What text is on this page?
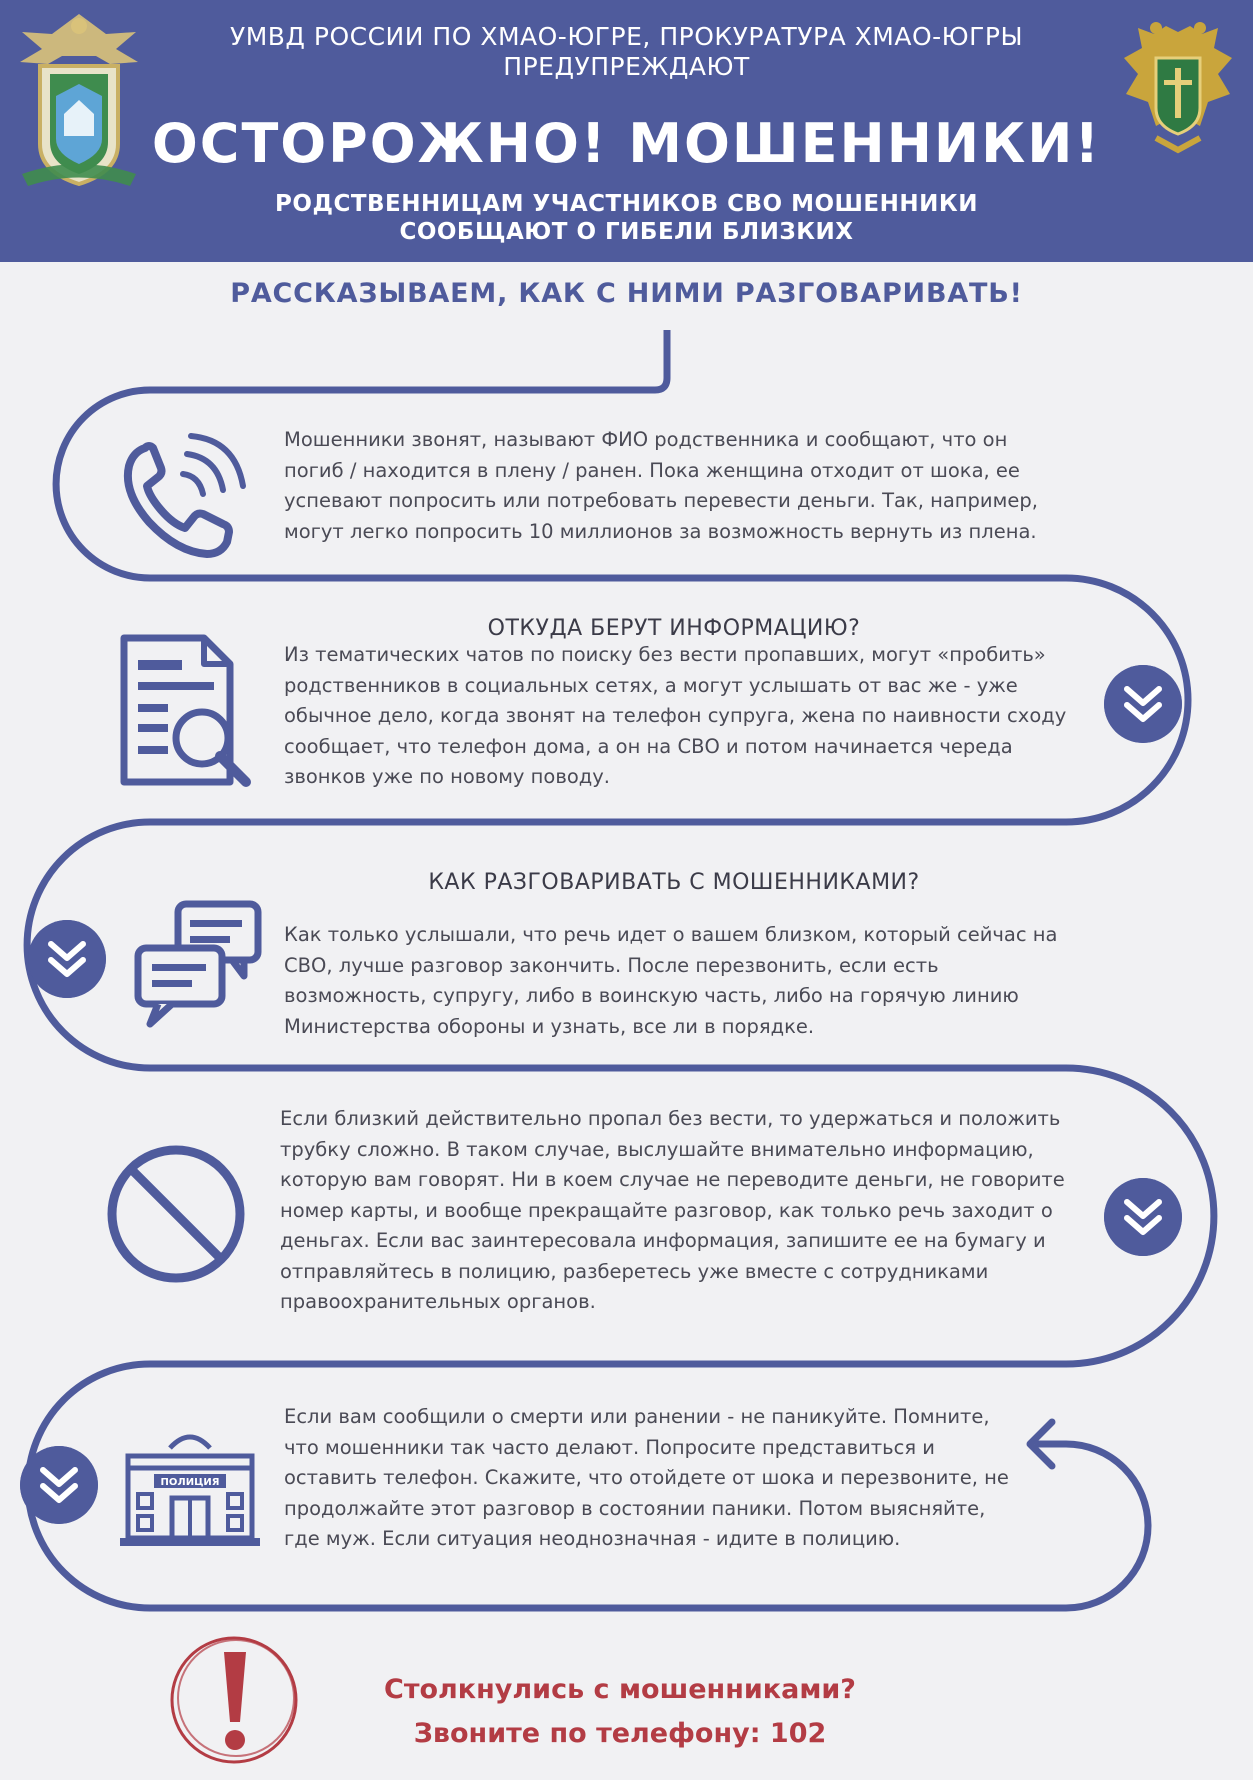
УМВД РОССИИ ПО ХМАО-ЮГРЕ, ПРОКУРАТУРА ХМАО-ЮГРЫ
ПРЕДУПРЕЖДАЮТ
ОСТОРОЖНО! МОШЕННИКИ!
РОДСТВЕННИЦАМ УЧАСТНИКОВ СВО МОШЕННИКИ
СООБЩАЮТ О ГИБЕЛИ БЛИЗКИХ
РАССКАЗЫВАЕМ, КАК С НИМИ РАЗГОВАРИВАТЬ!
Мошенники звонят, называют ФИО родственника и сообщают, что он погиб / находится в плену / ранен. Пока женщина отходит от шока, ее успевают попросить или потребовать перевести деньги. Так, например, могут легко попросить 10 миллионов за возможность вернуть из плена.
ОТКУДА БЕРУТ ИНФОРМАЦИЮ?
Из тематических чатов по поиску без вести пропавших, могут «пробить» родственников в социальных сетях, а могут услышать от вас же - уже обычное дело, когда звонят на телефон супруга, жена по наивности сходу сообщает, что телефон дома, а он на СВО и потом начинается череда звонков уже по новому поводу.
КАК РАЗГОВАРИВАТЬ С МОШЕННИКАМИ?
Как только услышали, что речь идет о вашем близком, который сейчас на СВО, лучше разговор закончить. После перезвонить, если есть возможность, супругу, либо в воинскую часть, либо на горячую линию Министерства обороны и узнать, все ли в порядке.
Если близкий действительно пропал без вести, то удержаться и положить трубку сложно. В таком случае, выслушайте внимательно информацию, которую вам говорят. Ни в коем случае не переводите деньги, не говорите номер карты, и вообще прекращайте разговор, как только речь заходит о деньгах. Если вас заинтересовала информация, запишите ее на бумагу и отправляйтесь в полицию, разберетесь уже вместе с сотрудниками правоохранительных органов.
ПОЛИЦИЯ
Если вам сообщили о смерти или ранении - не паникуйте. Помните, что мошенники так часто делают. Попросите представиться и оставить телефон. Скажите, что отойдете от шока и перезвоните, не продолжайте этот разговор в состоянии паники. Потом выясняйте, где муж. Если ситуация неоднозначная - идите в полицию.
Столкнулись с мошенниками?
Звоните по телефону: 102
